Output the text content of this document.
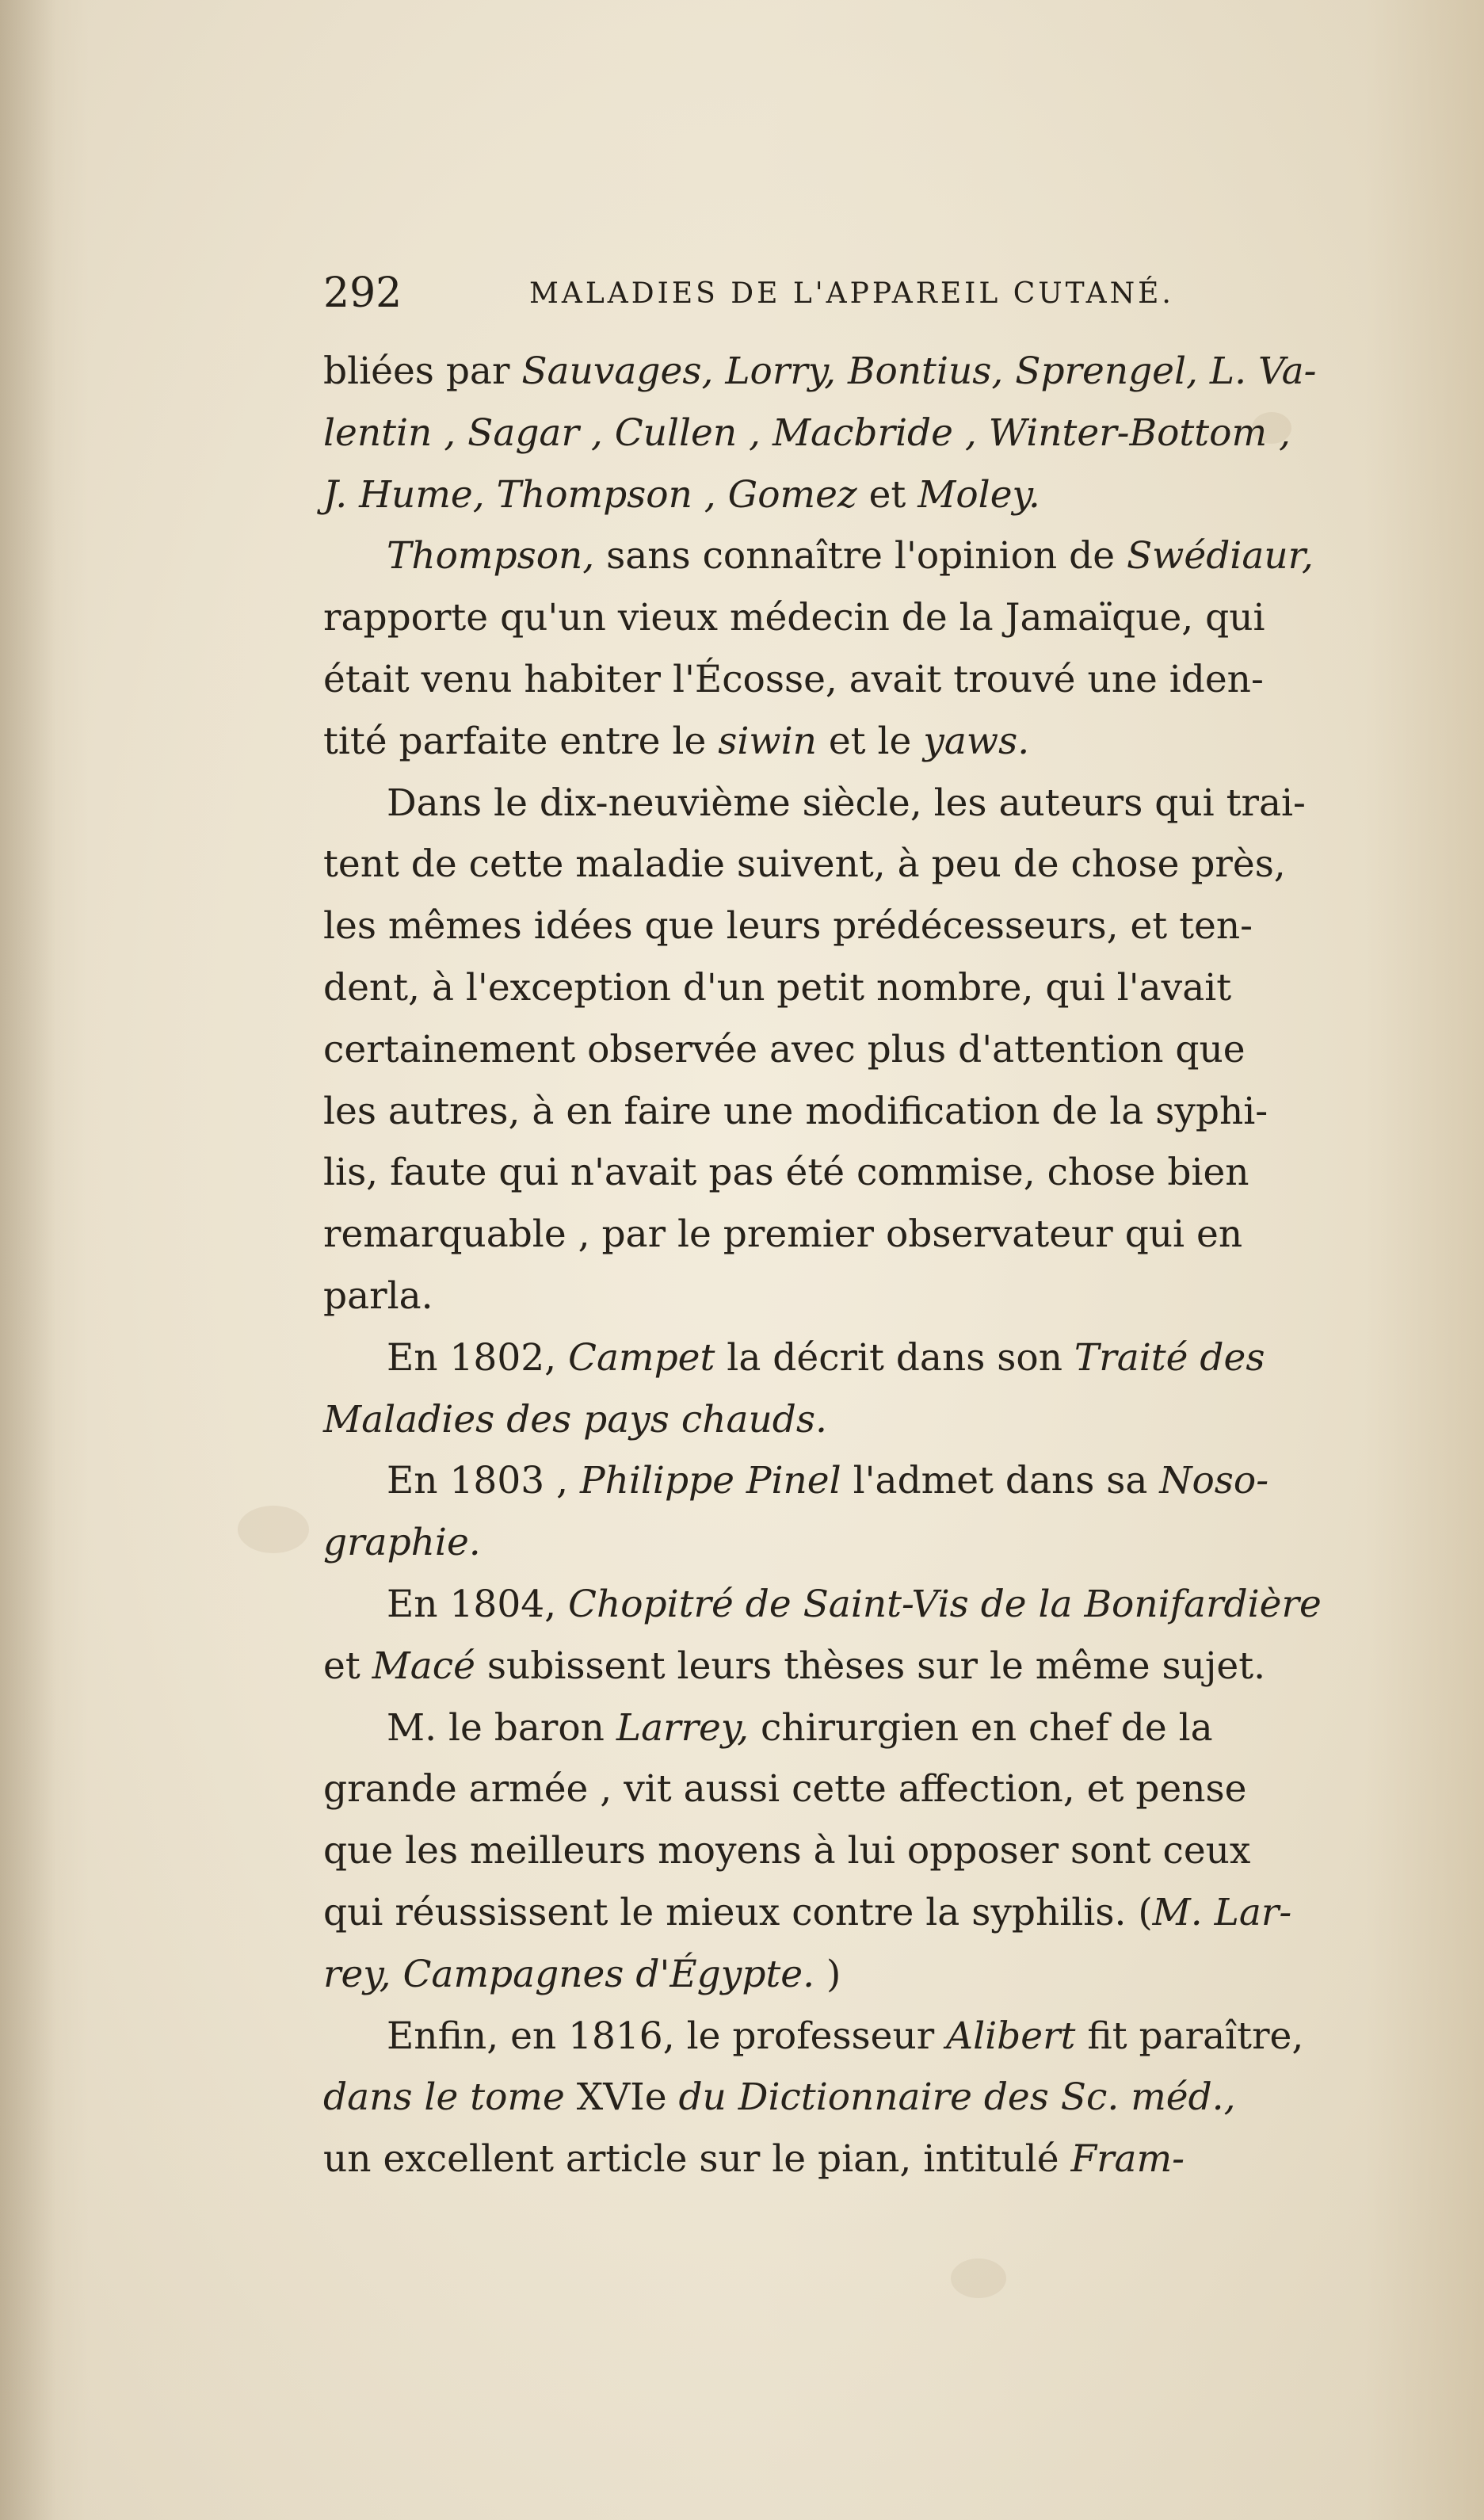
292	MALADIES DE L'APPAREIL CUTANÉ.
bliées par Sauvages, Lorry, Bontius, Sprengel, L. Va-
lentin , Sagar , Cullen , Macbride , Winter-Bottom ,
J. Hume, Thompson , Gomez et Moley.
Thompson, sans connaître l'opinion de Swédiaur,
rapporte qu'un vieux médecin de la Jamaïque, qui
était venu habiter l'Écosse, avait trouvé une iden-
tité parfaite entre le siwin et le yaws.
Dans le dix-neuvième siècle, les auteurs qui trai-
tent de cette maladie suivent, à peu de chose près,
les mêmes idées que leurs prédécesseurs, et ten-
dent, à l'exception d'un petit nombre, qui l'avait
certainement observée avec plus d'attention que
les autres, à en faire une modification de la syphi-
lis, faute qui n'avait pas été commise, chose bien
remarquable , par le premier observateur qui en
parla.
En 1802, Campet la décrit dans son Traité des
Maladies des pays chauds.
En 1803 , Philippe Pinel l'admet dans sa Noso-
graphie.
En 1804, Chopitré de Saint-Vis de la Bonifardière
et Macé subissent leurs thèses sur le même sujet.
M. le baron Larrey, chirurgien en chef de la
grande armée , vit aussi cette affection, et pense
que les meilleurs moyens à lui opposer sont ceux
qui réussissent le mieux contre la syphilis. (M. Lar-
rey, Campagnes d'Égypte. )
Enfin, en 1816, le professeur Alibert fit paraître,
dans le tome XVIe du Dictionnaire des Sc. méd.,
un excellent article sur le pian, intitulé Fram-
